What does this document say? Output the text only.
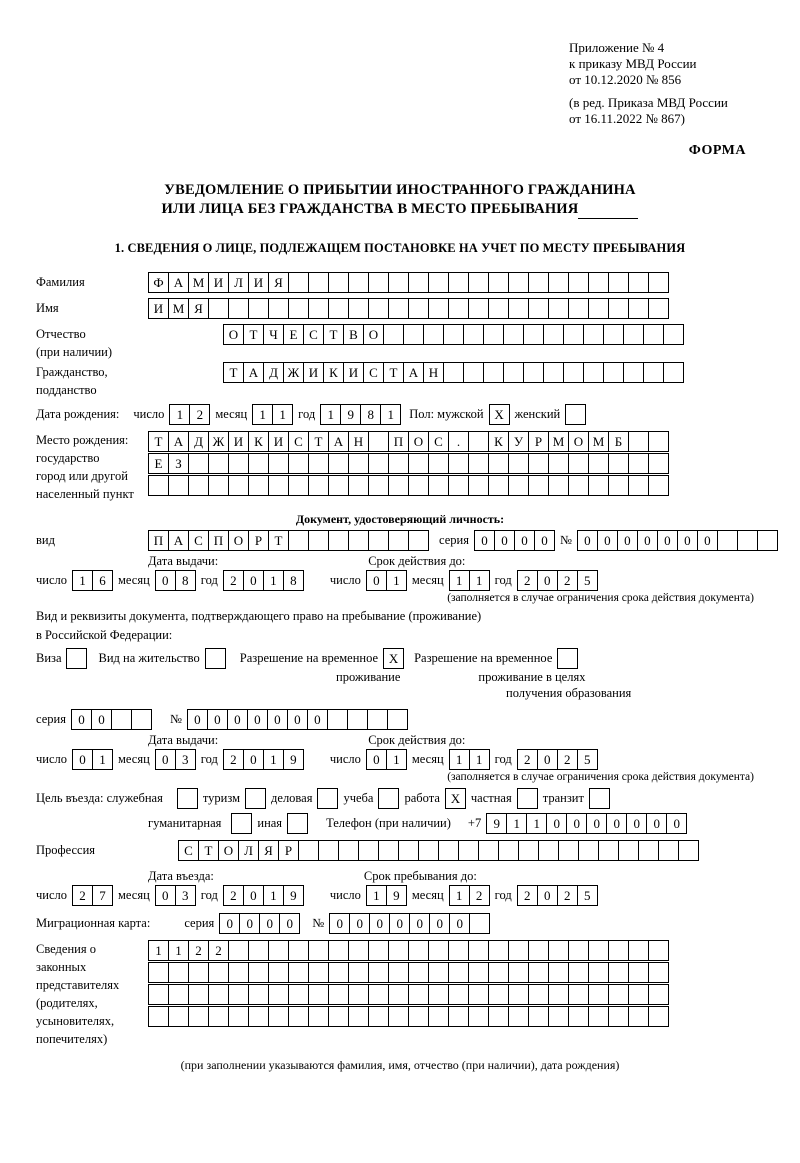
Приложение № 4
к приказу МВД России
от 10.12.2020 № 856
(в ред. Приказа МВД России
от 16.11.2022 № 867)
ФОРМА
УВЕДОМЛЕНИЕ О ПРИБЫТИИ ИНОСТРАННОГО ГРАЖДАНИНА
ИЛИ ЛИЦА БЕЗ ГРАЖДАНСТВА В МЕСТО ПРЕБЫВАНИЯ
1. СВЕДЕНИЯ О ЛИЦЕ, ПОДЛЕЖАЩЕМ ПОСТАНОВКЕ НА УЧЕТ ПО МЕСТУ ПРЕБЫВАНИЯ
Фамилия	Ф А М И Л И Я
Имя	И М Я
Отчество	О Т Ч Е С Т В О
(при наличии)
Гражданство,	Т А Д Ж И К И С Т А Н
подданство
Дата рождения: число 1	2 месяц 1	1 год 1	9	8	1	Пол: мужской Х женский
Место рождения:
государство
город или другой
населенный пункт
Т А Д Ж И К И С Т А Н	П О С	.	К У Р М О М Б
Е З
Документ, удостоверяющий личность:
вид	П А С П О Р Т	серия 0	0	0	0 № 0	0	0	0	0	0	0
Дата выдачи:	Срок действия до:
число 1	6 месяц 0	8 год 2	0	1	8	число 0	1 месяц 1	1 год 2	0	2	5
(заполняется в случае ограничения срока действия документа)
Вид и реквизиты документа, подтверждающего право на пребывание (проживание)
в Российской Федерации:
Виза	Вид на жительство	Разрешение на временное Х	Разрешение на временное
проживание	проживание в целях
получения образования
серия 0	0	№ 0	0	0	0	0	0	0
Дата выдачи:	Срок действия до:
число 0	1 месяц 0	3 год 2	0	1	9	число 0	1 месяц 1	1 год 2	0	2	5
(заполняется в случае ограничения срока действия документа)
Цель въезда: служебная	туризм деловая учеба работа Х частная транзит
гуманитарная	иная	Телефон (при наличии) +7 9	1	1	0	0	0	0	0	0	0
Профессия	С Т О Л Я Р
Дата въезда:	Срок пребывания до:
число 2	7 месяц 0	3 год 2	0	1	9	число 1	9 месяц 1	2 год 2	0	2	5
Миграционная карта:	серия 0	0	0	0	№ 0	0	0	0	0	0	0
Сведения о
законных
представителях
(родителях,
усыновителях,
попечителях)
1	1	2	2
(при заполнении указываются фамилия, имя, отчество (при наличии), дата рождения)
